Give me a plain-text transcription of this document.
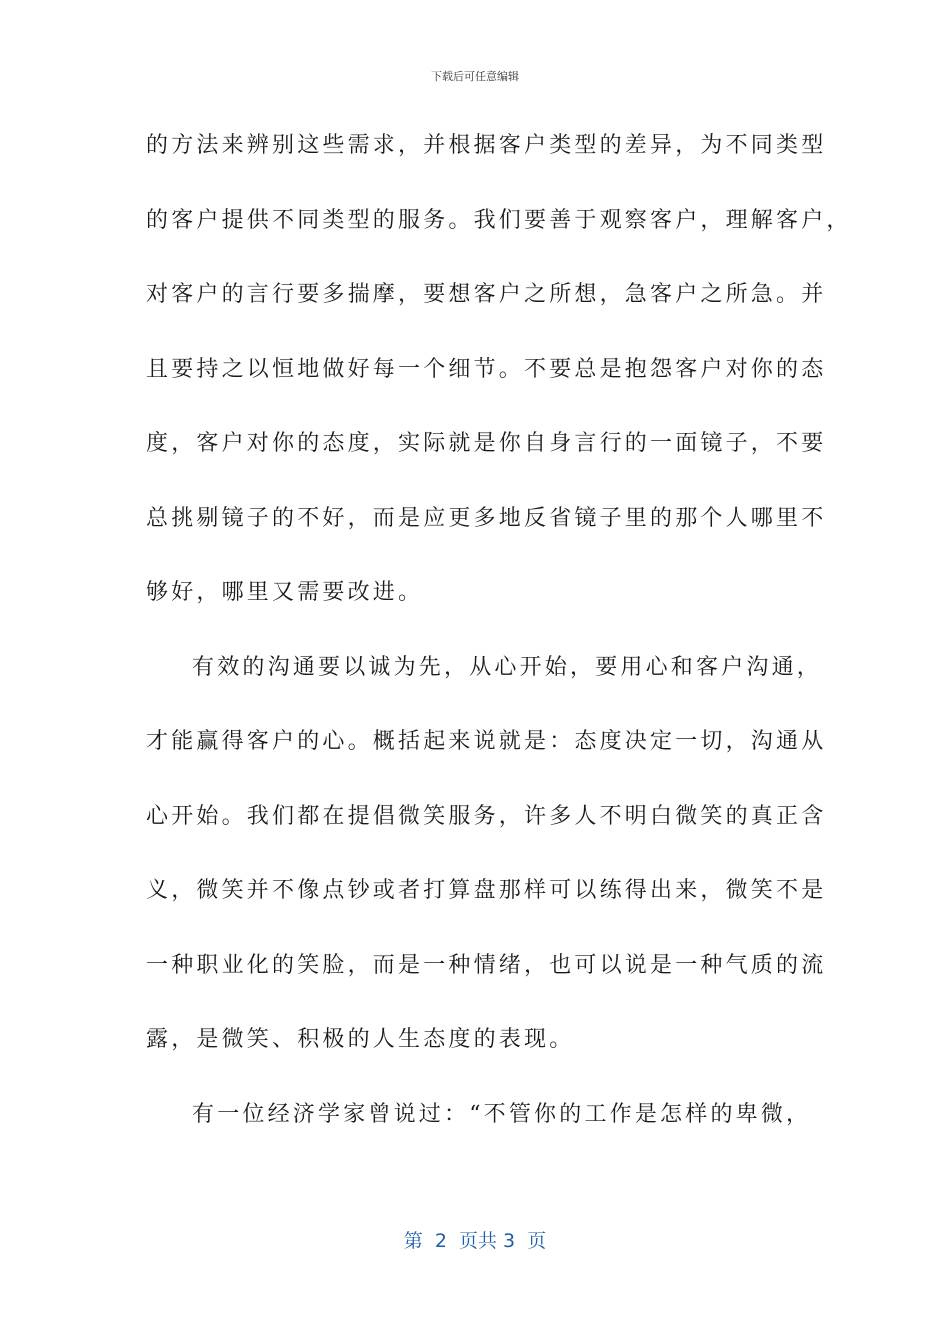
下载后可任意编辑
的方法来辨别这些需求，并根据客户类型的差异，为不同类型
的客户提供不同类型的服务。我们要善于观察客户，理解客户，
对客户的言行要多揣摩，要想客户之所想，急客户之所急。并
且要持之以恒地做好每一个细节。不要总是抱怨客户对你的态
度，客户对你的态度，实际就是你自身言行的一面镜子，不要
总挑剔镜子的不好，而是应更多地反省镜子里的那个人哪里不
够好，哪里又需要改进。
有效的沟通要以诚为先，从心开始，要用心和客户沟通，
才能赢得客户的心。概括起来说就是：态度决定一切，沟通从
心开始。我们都在提倡微笑服务，许多人不明白微笑的真正含
义，微笑并不像点钞或者打算盘那样可以练得出来，微笑不是
一种职业化的笑脸，而是一种情绪，也可以说是一种气质的流
露，是微笑、积极的人生态度的表现。
有一位经济学家曾说过：“不管你的工作是怎样的卑微，
第  2  页共 3  页
